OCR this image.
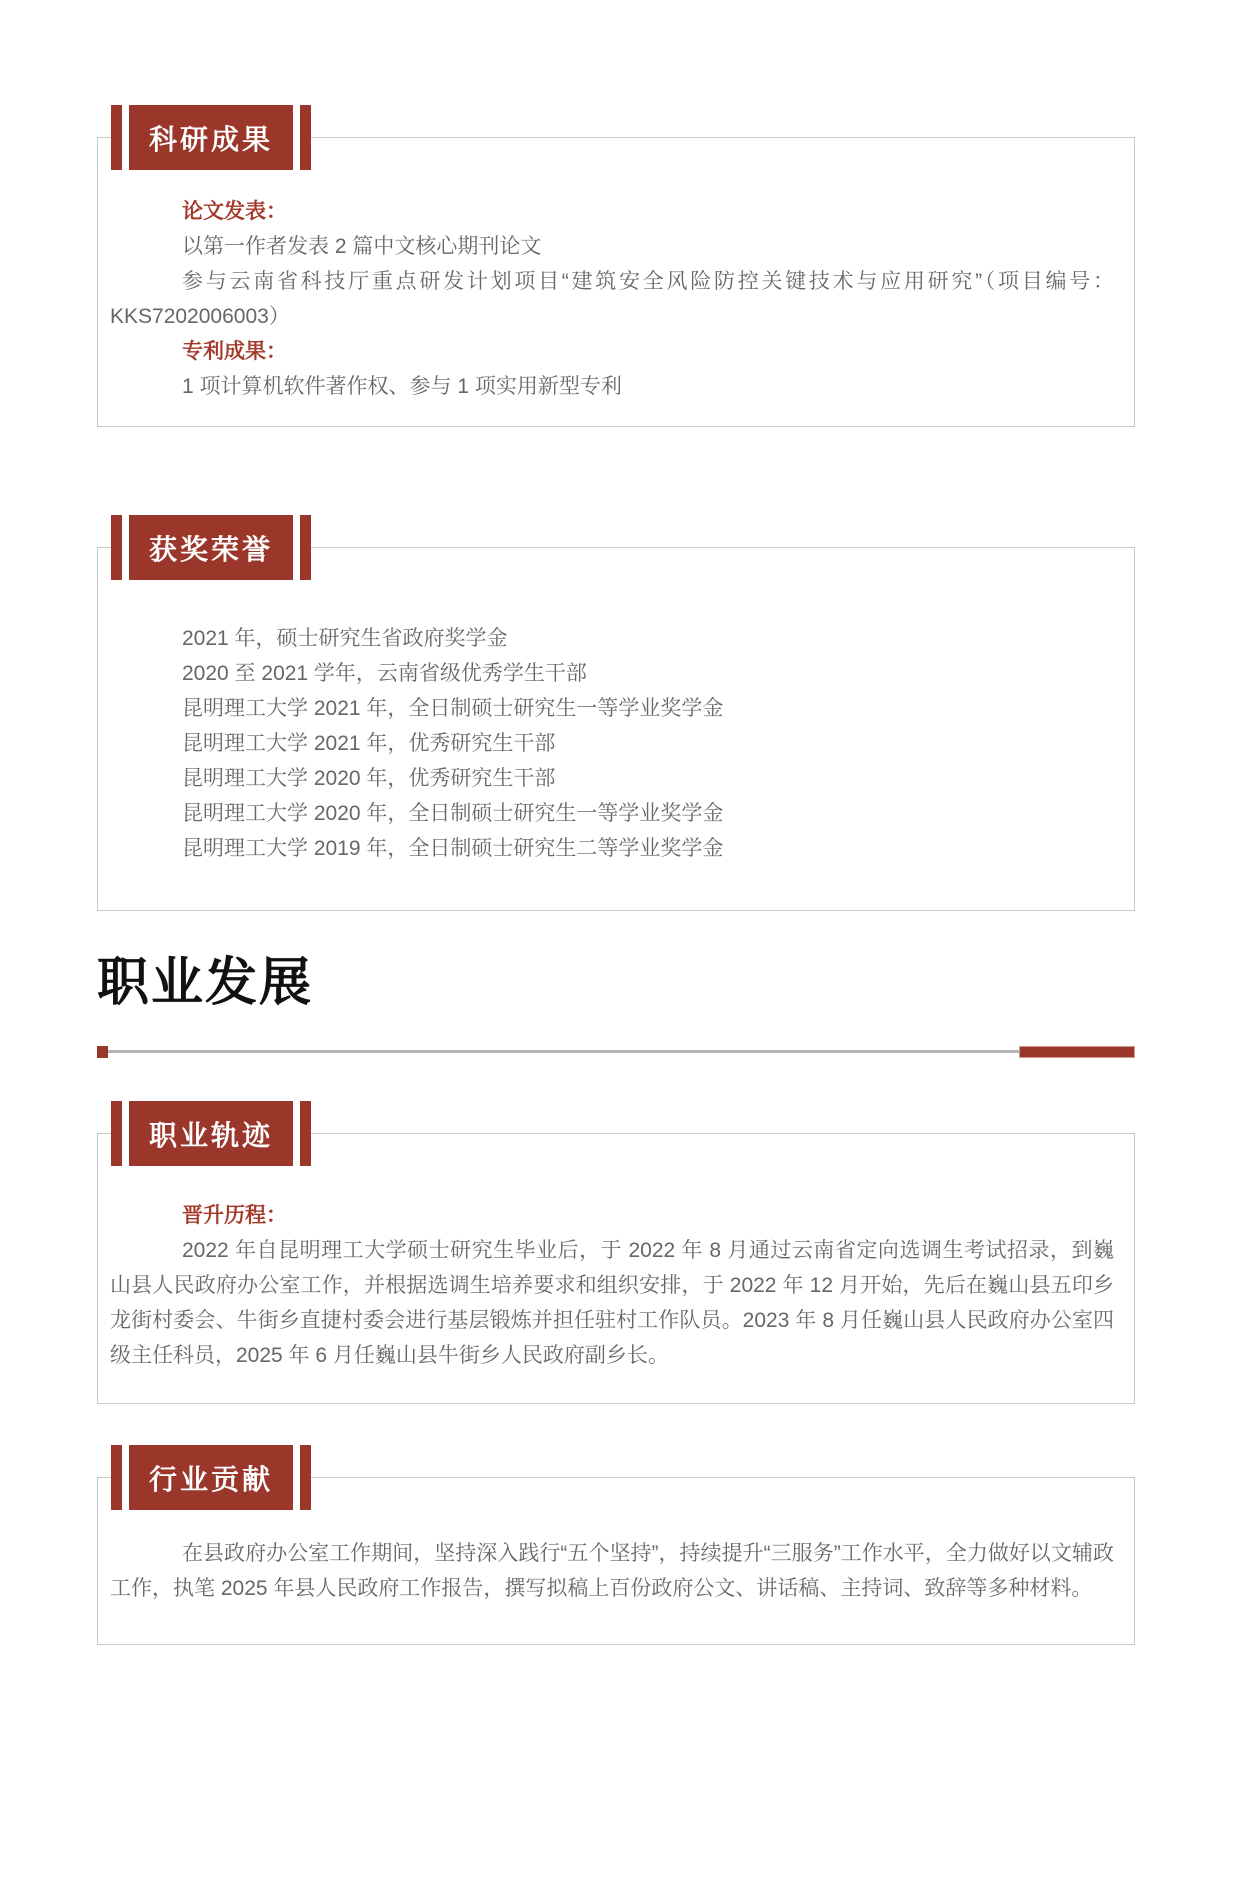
科研成果

论文发表：

以第一作者发表 2 篇中文核心期刊论文

参与云南省科技厅重点研发计划项目“建筑安全风险防控关键技术与应用研究”（项目编号：KKS7202006003）

专利成果：

1 项计算机软件著作权、参与 1 项实用新型专利

获奖荣誉

2021 年，硕士研究生省政府奖学金

2020 至 2021 学年，云南省级优秀学生干部

昆明理工大学 2021 年，全日制硕士研究生一等学业奖学金

昆明理工大学 2021 年，优秀研究生干部

昆明理工大学 2020 年，优秀研究生干部

昆明理工大学 2020 年，全日制硕士研究生一等学业奖学金

昆明理工大学 2019 年，全日制硕士研究生二等学业奖学金

职业发展
职业轨迹

晋升历程：

2022 年自昆明理工大学硕士研究生毕业后，于 2022 年 8 月通过云南省定向选调生考试招录，到巍山县人民政府办公室工作，并根据选调生培养要求和组织安排，于 2022 年 12 月开始，先后在巍山县五印乡龙街村委会、牛街乡直捷村委会进行基层锻炼并担任驻村工作队员。2023 年 8 月任巍山县人民政府办公室四级主任科员，2025 年 6 月任巍山县牛街乡人民政府副乡长。

行业贡献

在县政府办公室工作期间，坚持深入践行“五个坚持”，持续提升“三服务”工作水平，全力做好以文辅政工作，执笔 2025 年县人民政府工作报告，撰写拟稿上百份政府公文、讲话稿、主持词、致辞等多种材料。
